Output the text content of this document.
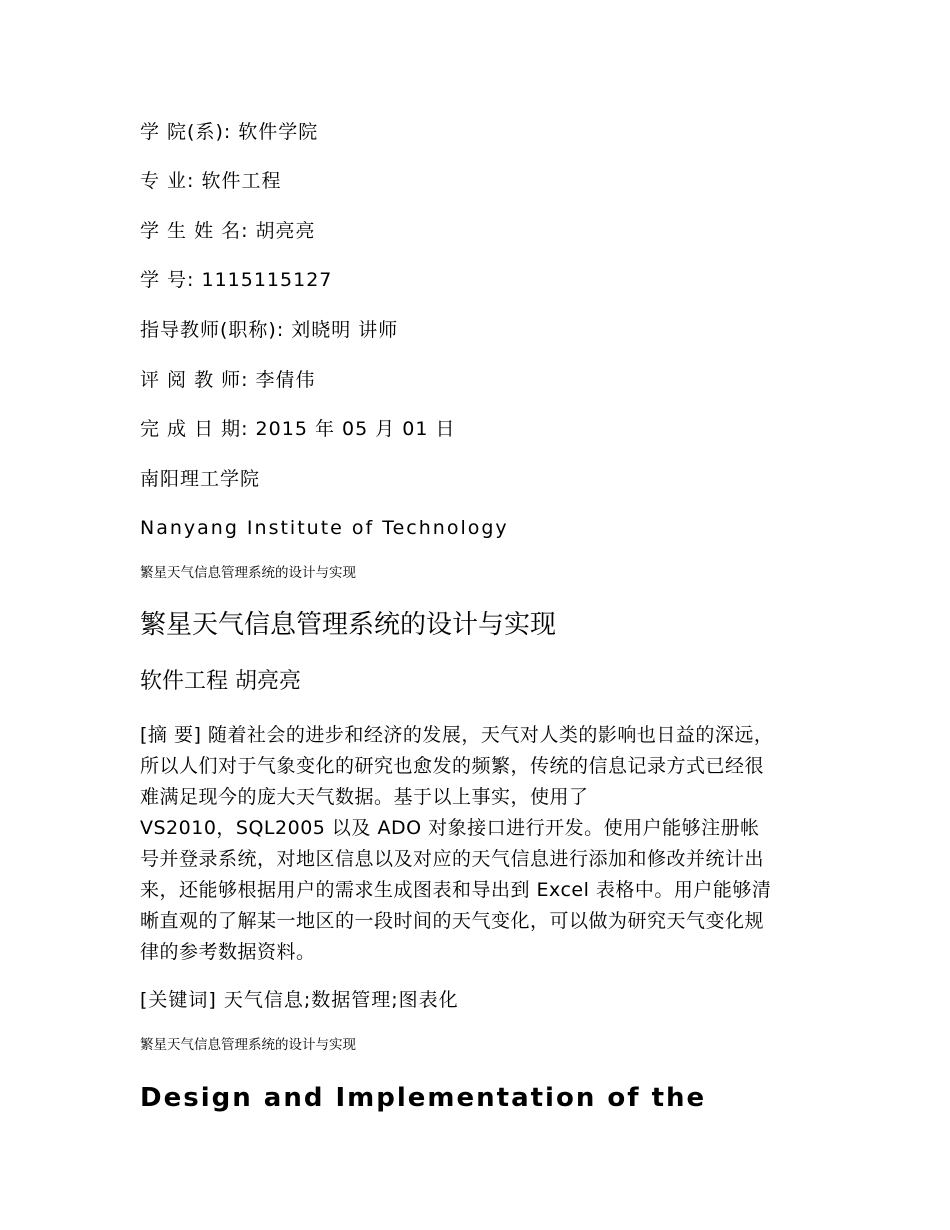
学 院(系): 软件学院
专 业: 软件工程
学 生 姓 名: 胡亮亮
学 号: 1115115127
指导教师(职称): 刘晓明 讲师
评 阅 教 师: 李倩伟
完 成 日 期: 2015 年 05 月 01 日
南阳理工学院
Nanyang Institute of Technology
繁星天气信息管理系统的设计与实现
繁星天气信息管理系统的设计与实现
软件工程 胡亮亮
[摘 要] 随着社会的进步和经济的发展，天气对人类的影响也日益的深远，
所以人们对于气象变化的研究也愈发的频繁，传统的信息记录方式已经很
难满足现今的庞大天气数据。基于以上事实，使用了
VS2010，SQL2005 以及 ADO 对象接口进行开发。使用户能够注册帐
号并登录系统，对地区信息以及对应的天气信息进行添加和修改并统计出
来，还能够根据用户的需求生成图表和导出到 Excel 表格中。用户能够清
晰直观的了解某一地区的一段时间的天气变化，可以做为研究天气变化规
律的参考数据资料。
[关键词] 天气信息;数据管理;图表化
繁星天气信息管理系统的设计与实现
Design and Implementation of the
